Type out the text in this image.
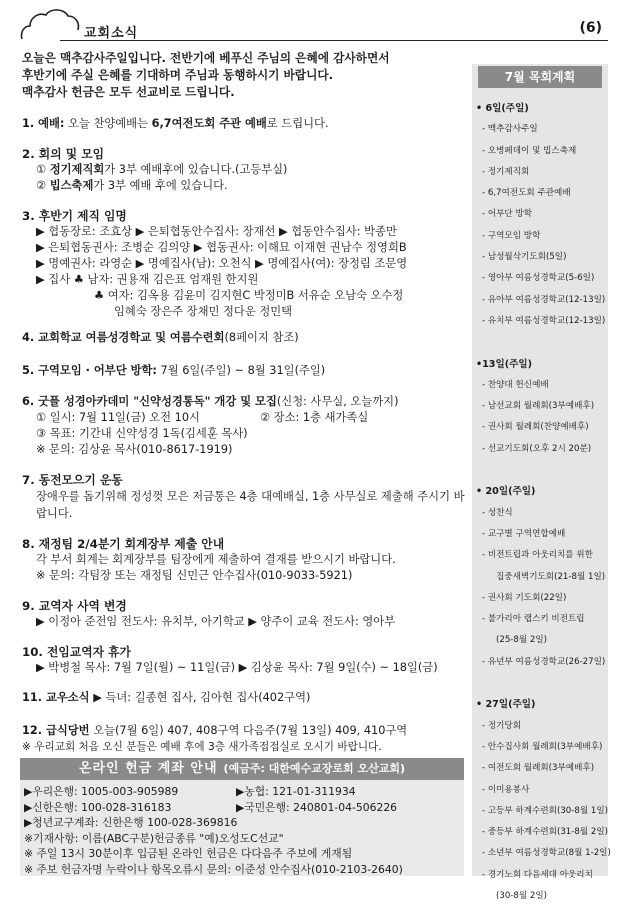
교회소식	(6)

오늘은 맥추감사주일입니다. 전반기에 베푸신 주님의 은혜에 감사하면서

후반기에 주실 은혜를 기대하며 주님과 동행하시기 바랍니다.

맥추감사 헌금은 모두 선교비로 드립니다.

1. 예배: 오늘 찬양예배는 6,7여전도회 주관 예배로 드립니다.
2. 회의 및 모임
① 정기제직회가 3부 예배후에 있습니다.(고등부실)
② 빕스축제가 3부 예배 후에 있습니다.
3. 후반기 제직 임명
▶ 협동장로: 조효상 ▶ 은퇴협동안수집사: 장재선 ▶ 협동안수집사: 박종만
▶ 은퇴협동권사: 조병순 김의양 ▶ 협동권사: 이해묘 이재현 권남수 정영희B
▶ 명예권사: 라영순 ▶ 명예집사(남): 오천식 ▶ 명예집사(여): 장정림 조문영
▶ 집사 ♣ 남자: 권용재 김은표 엄재원 한지원
♣ 여자: 김옥용 김윤미 김지현C 박정미B 서유순 오남숙 오수정
임혜숙 장은주 장채민 정다운 정민택
4. 교회학교 여름성경학교 및 여름수련회(8페이지 참조)
5. 구역모임 · 어부단 방학: 7월 6일(주일) ~ 8월 31일(주일)
6. 굿플 성경아카데미 "신약성경통독" 개강 및 모집(신청: 사무실, 오늘까지)
① 일시: 7월 11일(금) 오전 10시	② 장소: 1층 새가족실
③ 목표: 기간내 신약성경 1독(김세훈 목사)
※ 문의: 김상윤 목사(010-8617-1919)
7. 동전모으기 운동
장애우를 돕기위해 정성껏 모은 저금통은 4층 대예배실, 1층 사무실로 제출해 주시기 바랍니다.
8. 재정팀 2/4분기 회계장부 제출 안내
각 부서 회계는 회계장부를 팀장에게 제출하여 결재를 받으시기 바랍니다.
※ 문의: 각팀장 또는 재정팀 신민근 안수집사(010-9033-5921)
9. 교역자 사역 변경
▶ 이정아 준전임 전도사: 유치부, 아기학교 ▶ 양주이 교육 전도사: 영아부
10. 전임교역자 휴가
▶ 박병철 목사: 7월 7일(월) ~ 11일(금) ▶ 김상윤 목사: 7월 9일(수) ~ 18일(금)
11. 교우소식 ▶ 득녀: 길종현 집사, 김아현 집사(402구역)
12. 급식당번 오늘(7월 6일) 407, 408구역 다음주(7월 13일) 409, 410구역
※ 우리교회 처음 오신 분들은 예배 후에 3층 새가족접접실로 오시기 바랍니다.
온라인 헌금 계좌 안내 (예금주: 대한예수교장로회 오산교회)
▶우리은행: 1005-003-905989	▶농협: 121-01-311934
▶신한은행: 100-028-316183	▶국민은행: 240801-04-506226
▶청년교구계좌: 신한은행 100-028-369816
※기재사항: 이름(ABC구분)헌금종류 "예)오성도C선교"
※ 주일 13시 30분이후 입금된 온라인 헌금은 다다음주 주보에 게재됨
※ 주보 헌금자명 누락이나 항목오류시 문의: 이준성 안수집사(010-2103-2640)
7월 목회계획
• 6일(주일)
- 맥추감사주일
- 오병페데이 및 빕스축제
- 정기제직회
- 6,7여전도회 주관예배
- 어부단 방학
- 구역모임 방학
- 남성월삭기도회(5일)
- 영아부 여름성경학교(5-6일)
- 유아부 여름성경학교(12-13일)
- 유치부 여름성경학교(12-13일)
•13일(주일)
- 찬양대 헌신예배
- 남선교회 월례회(3부예배후)
- 권사회 월례회(찬양예배후)
- 선교기도회(오후 2시 20분)
• 20일(주일)
- 성찬식
- 교구별 구역연합예배
- 비전트립과 아웃리치를 위한
집중새벽기도회(21-8월 1일)
- 권사회 기도회(22일)
- 불가리아 랩스키 비전트립
(25-8월 2일)
- 유년부 여름성경학교(26-27일)
• 27일(주일)
- 정기당회
- 안수집사회 월례회(3부예배후)
- 여전도회 월례회(3부예배후)
- 이미용봉사
- 고등부 하계수련회(30-8월 1일)
- 중등부 하계수련회(31-8월 2일)
- 소년부 여름성경학교(8월 1-2일)
- 경기노회 다음세대 아웃리치
(30-8월 2일)
